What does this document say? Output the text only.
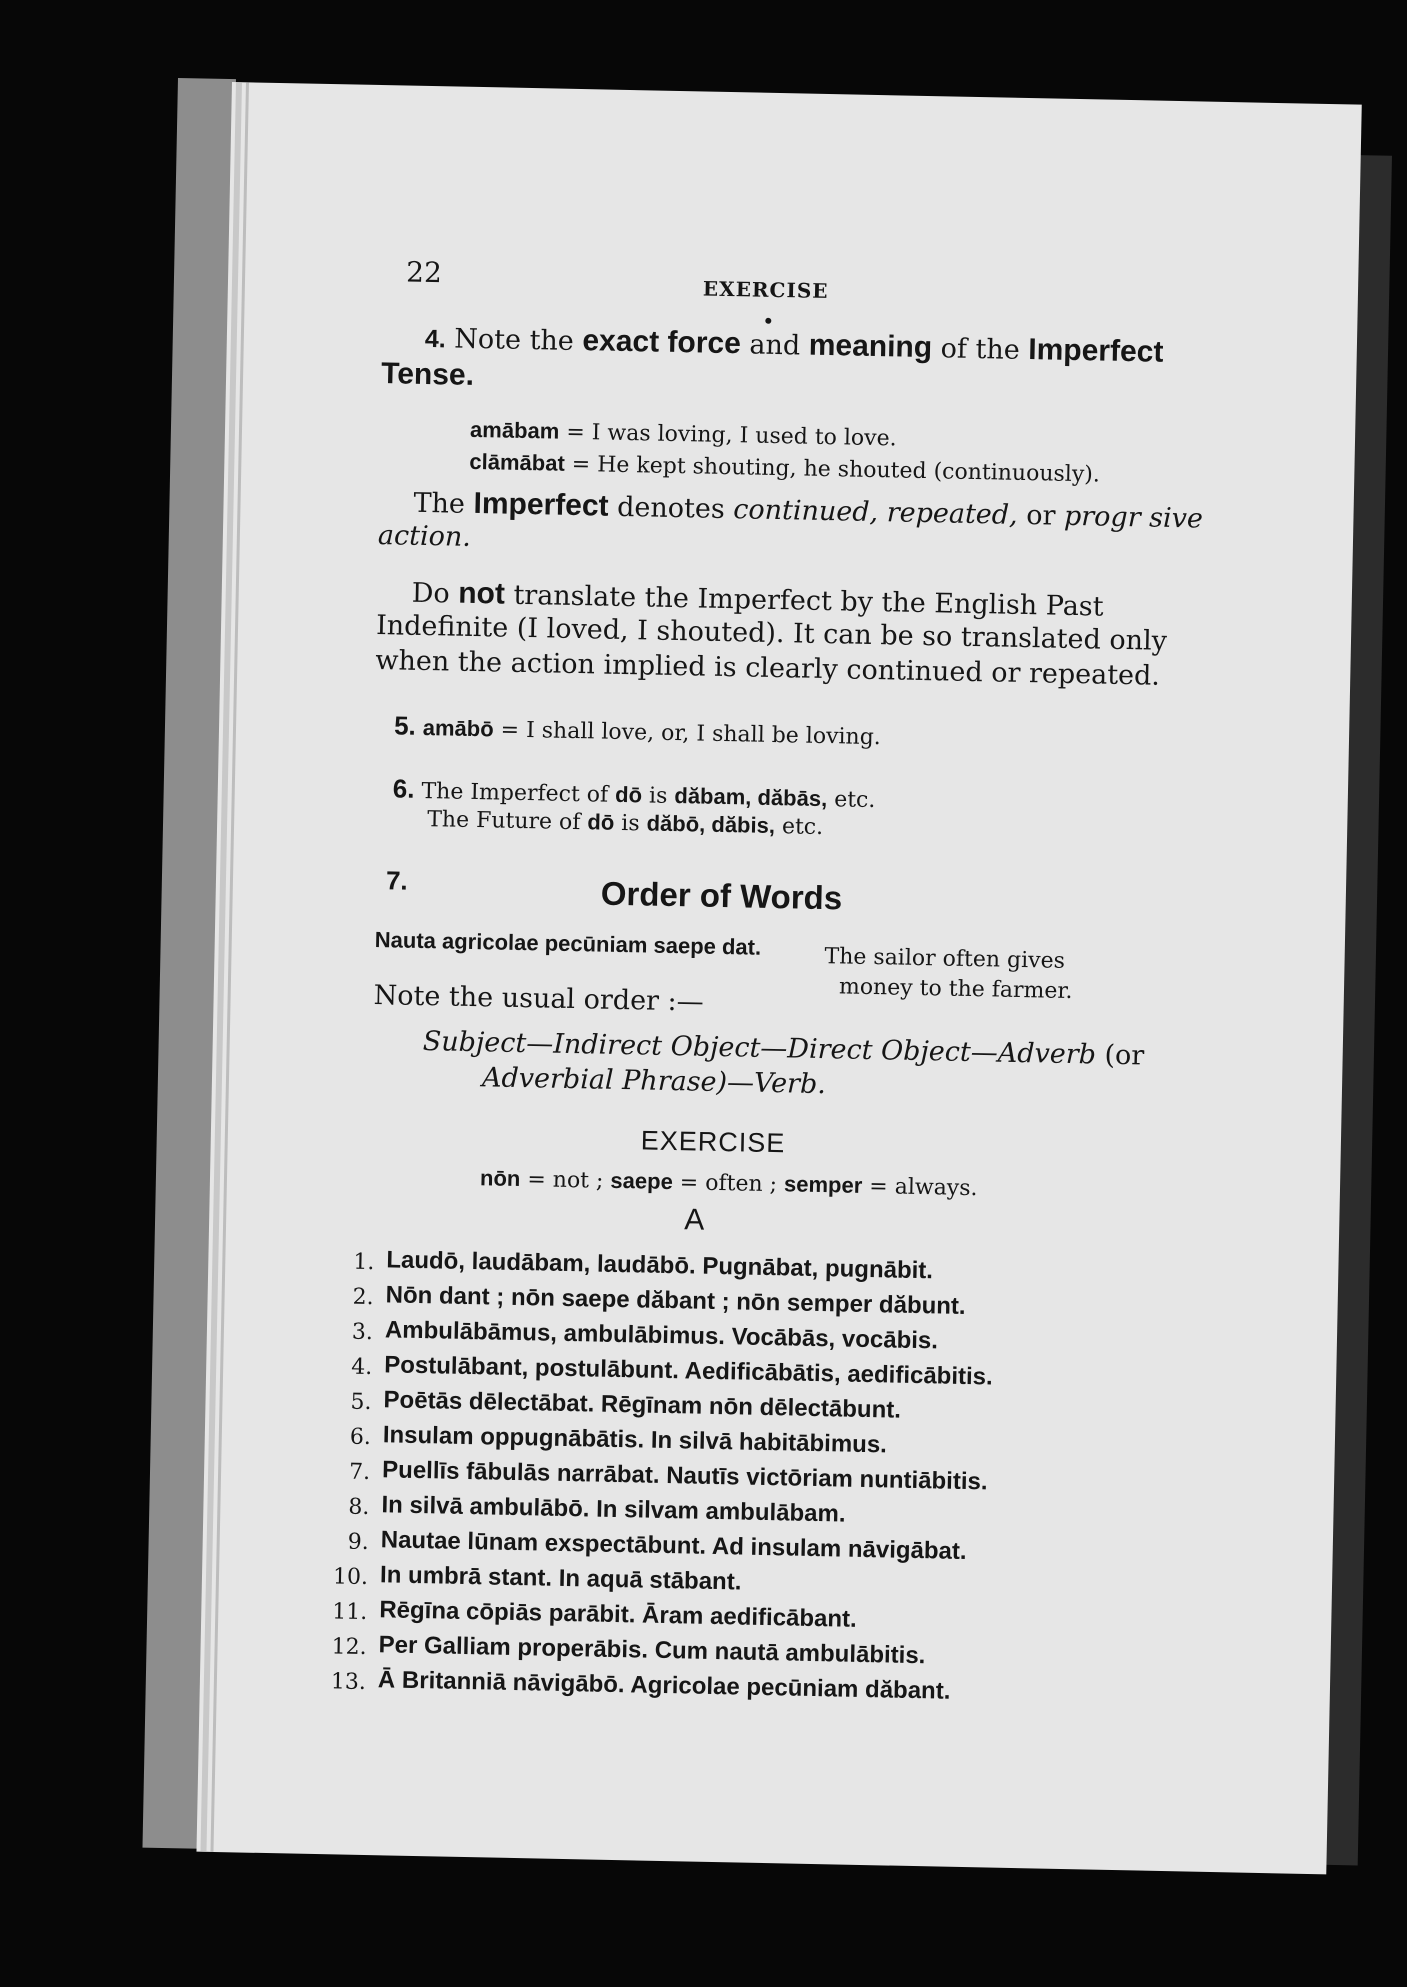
22
EXERCISE
4. Note the exact force and meaning of the Imperfect
Tense.
amābam = I was loving, I used to love.
clāmābat = He kept shouting, he shouted (continuously).
The Imperfect denotes continued, repeated, or progr sive
action.
Do not translate the Imperfect by the English Past
Indefinite (I loved, I shouted). It can be so translated only
when the action implied is clearly continued or repeated.
5. amābō = I shall love, or, I shall be loving.
6. The Imperfect of dō is dăbam, dăbās, etc.
The Future of dō is dăbō, dăbis, etc.
7.	Order of Words
Nauta agricolae pecūniam saepe dat.	The sailor often gives
money to the farmer.
Note the usual order :—
Subject—Indirect Object—Direct Object—Adverb (or
Adverbial Phrase)—Verb.
EXERCISE
nōn = not ; saepe = often ; semper = always.
A
1. Laudō, laudābam, laudābō. Pugnābat, pugnābit.
2. Nōn dant ; nōn saepe dăbant ; nōn semper dăbunt.
3. Ambulābāmus, ambulābimus. Vocābās, vocābis.
4. Postulābant, postulābunt. Aedificābātis, aedificābitis.
5. Poētās dēlectābat. Rēgīnam nōn dēlectābunt.
6. Insulam oppugnābātis. In silvā habitābimus.
7. Puellīs fābulās narrābat. Nautīs victōriam nuntiābitis.
8. In silvā ambulābō. In silvam ambulābam.
9. Nautae lūnam exspectābunt. Ad insulam nāvigābat.
10. In umbrā stant. In aquā stābant.
11. Rēgīna cōpiās parābit. Āram aedificābant.
12. Per Galliam properābis. Cum nautā ambulābitis.
13. Ā Britanniā nāvigābō. Agricolae pecūniam dăbant.
